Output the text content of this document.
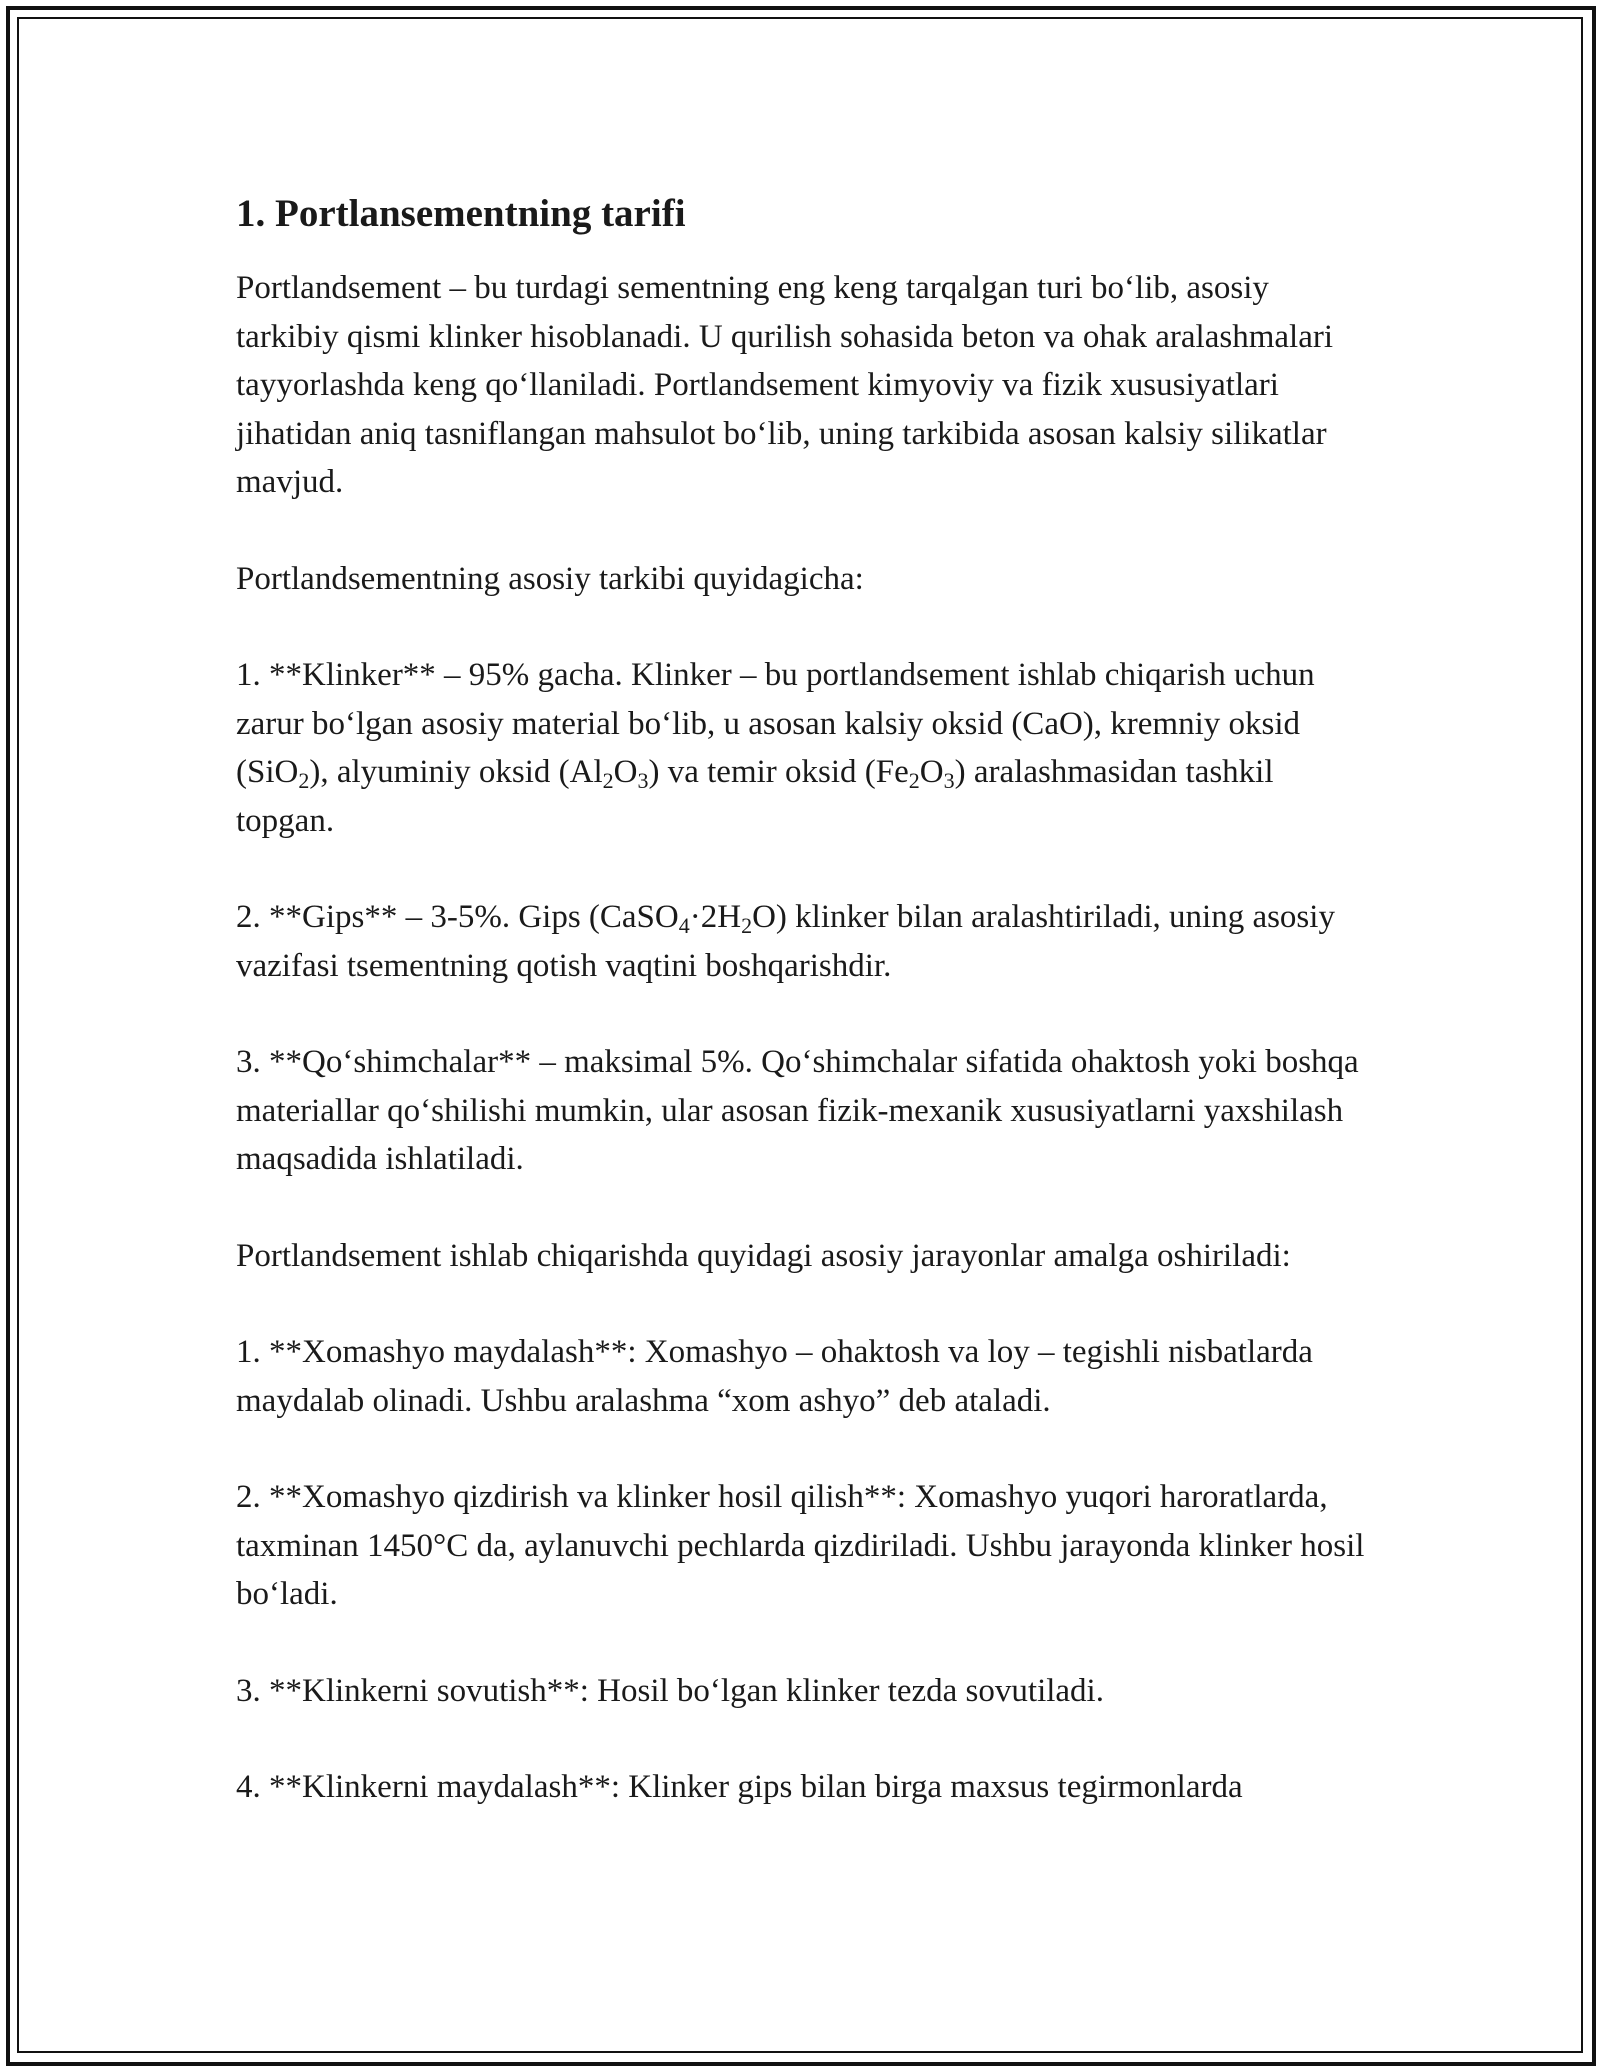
1. Portlansementning tarifi

Portlandsement – bu turdagi sementning eng keng tarqalgan turi bo‘lib, asosiy tarkibiy qismi klinker hisoblanadi. U qurilish sohasida beton va ohak aralashmalari tayyorlashda keng qo‘llaniladi. Portlandsement kimyoviy va fizik xususiyatlari jihatidan aniq tasniflangan mahsulot bo‘lib, uning tarkibida asosan kalsiy silikatlar mavjud.

Portlandsementning asosiy tarkibi quyidagicha:

1. **Klinker** – 95% gacha. Klinker – bu portlandsement ishlab chiqarish uchun zarur bo‘lgan asosiy material bo‘lib, u asosan kalsiy oksid (CaO), kremniy oksid (SiO$_2$), alyuminiy oksid $(Al_2O_3)$ va temir oksid $(Fe_2O_3)$ aralashmasidan tashkil topgan.

2. **Gips** – 3-5%. Gips $(CaSO_4\cdot 2H_2O)$ klinker bilan aralashtiriladi, uning asosiy vazifasi tsementning qotish vaqtini boshqarishdir.

3. **Qo‘shimchalar** – maksimal 5%. Qo‘shimchalar sifatida ohaktosh yoki boshqa materiallar qo‘shilishi mumkin, ular asosan fizik-mexanik xususiyatlarni yaxshilash maqsadida ishlatiladi.

Portlandsement ishlab chiqarishda quyidagi asosiy jarayonlar amalga oshiriladi:

1. **Xomashyo maydalash**: Xomashyo – ohaktosh va loy – tegishli nisbatlarda maydalab olinadi. Ushbu aralashma “xom ashyo” deb ataladi.

2. **Xomashyo qizdirish va klinker hosil qilish**: Xomashyo yuqori haroratlarda, taxminan 1450°C da, aylanuvchi pechlarda qizdiriladi. Ushbu jarayonda klinker hosil bo‘ladi.

3. **Klinkerni sovutish**: Hosil bo‘lgan klinker tezda sovutiladi.

4. **Klinkerni maydalash**: Klinker gips bilan birga maxsus tegirmonlarda
